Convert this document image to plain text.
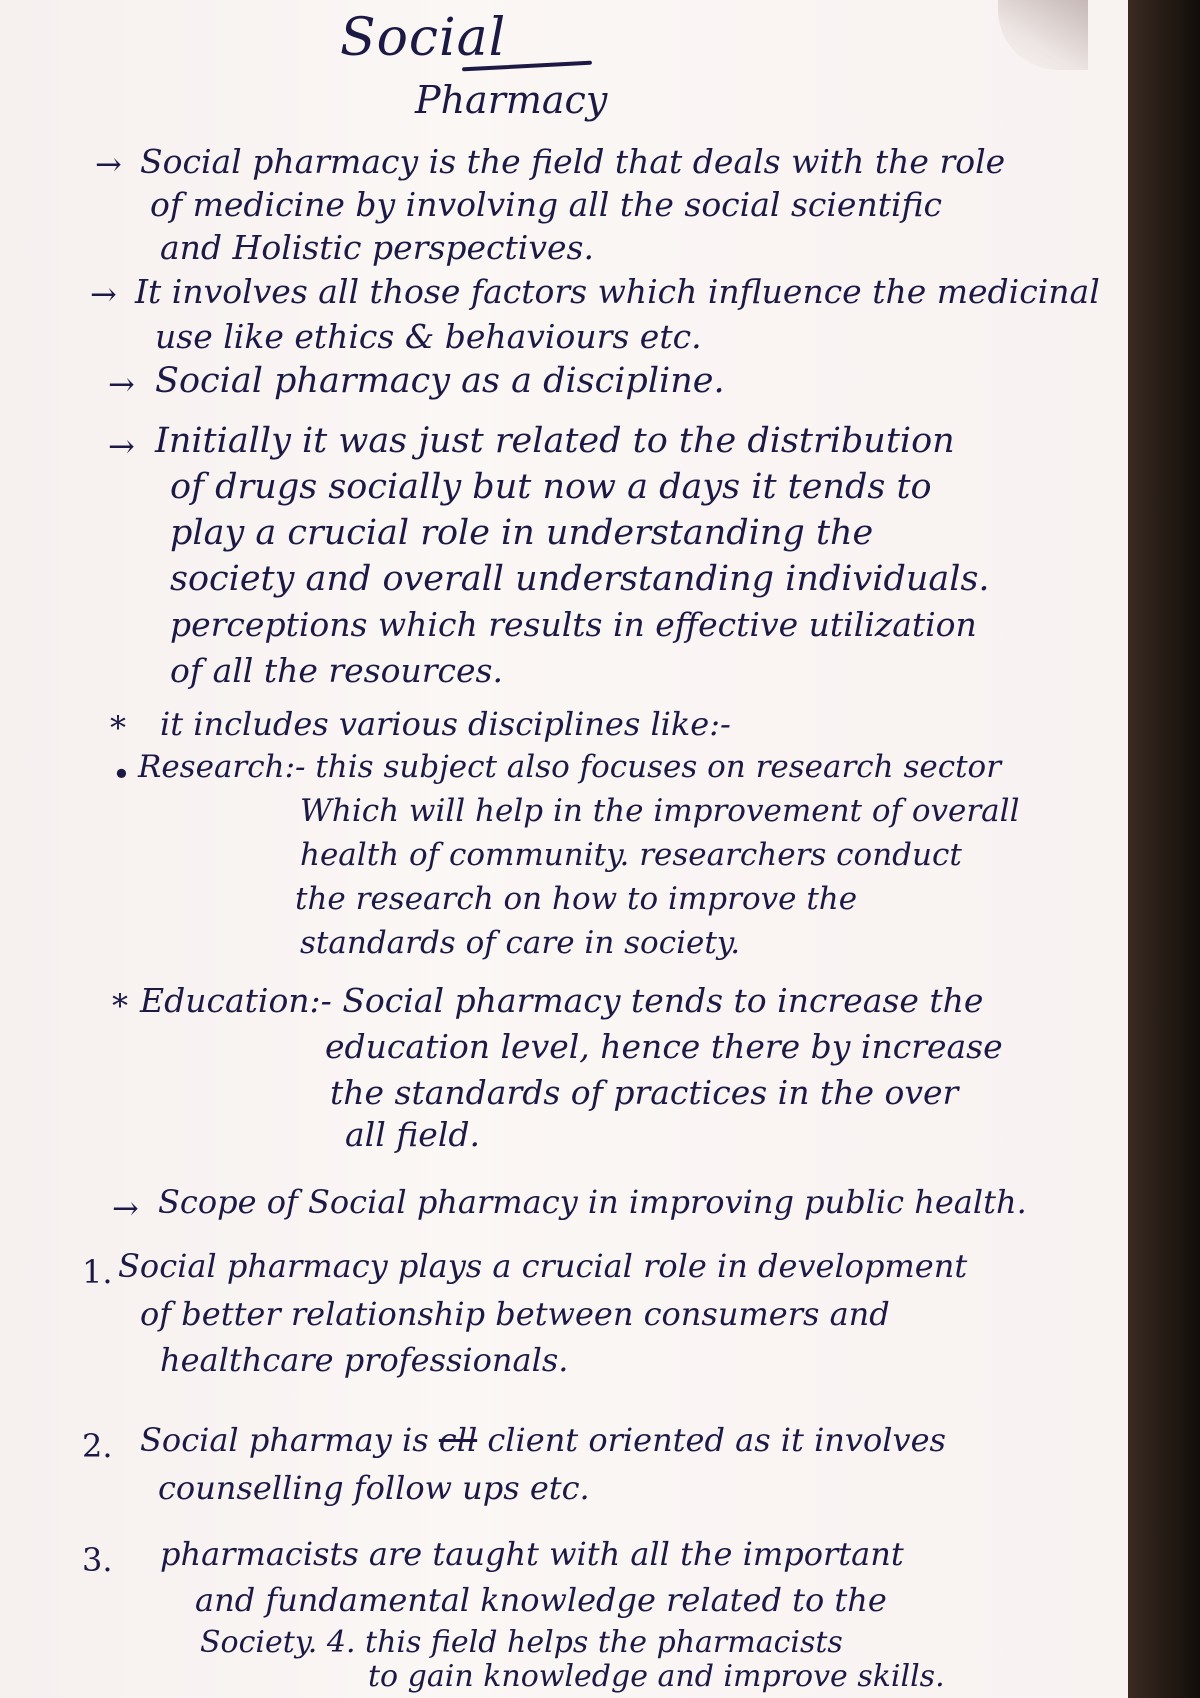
Social
Pharmacy
→ Social pharmacy is the field that deals with the role
of medicine by involving all the social scientific
and Holistic perspectives.
→ It involves all those factors which influence the medicinal
use like ethics & behaviours etc.
→ Social pharmacy as a discipline.
→ Initially it was just related to the distribution
of drugs socially but now a days it tends to
play a crucial role in understanding the
society and overall understanding individuals.
perceptions which results in effective utilization
of all the resources.
* it includes various disciplines like:-
• Research:- this subject also focuses on research sector
Which will help in the improvement of overall
health of community. researchers conduct
the research on how to improve the
standards of care in society.
* Education:- Social pharmacy tends to increase the
education level, hence there by increase
the standards of practices in the over
all field.
→ Scope of Social pharmacy in improving public health.
1. Social pharmacy plays a crucial role in development
of better relationship between consumers and
healthcare professionals.
2. Social pharmay is cll client oriented as it involves
counselling follow ups etc.
3. pharmacists are taught with all the important
and fundamental knowledge related to the
Society. 4. this field helps the pharmacists
to gain knowledge and improve skills.
